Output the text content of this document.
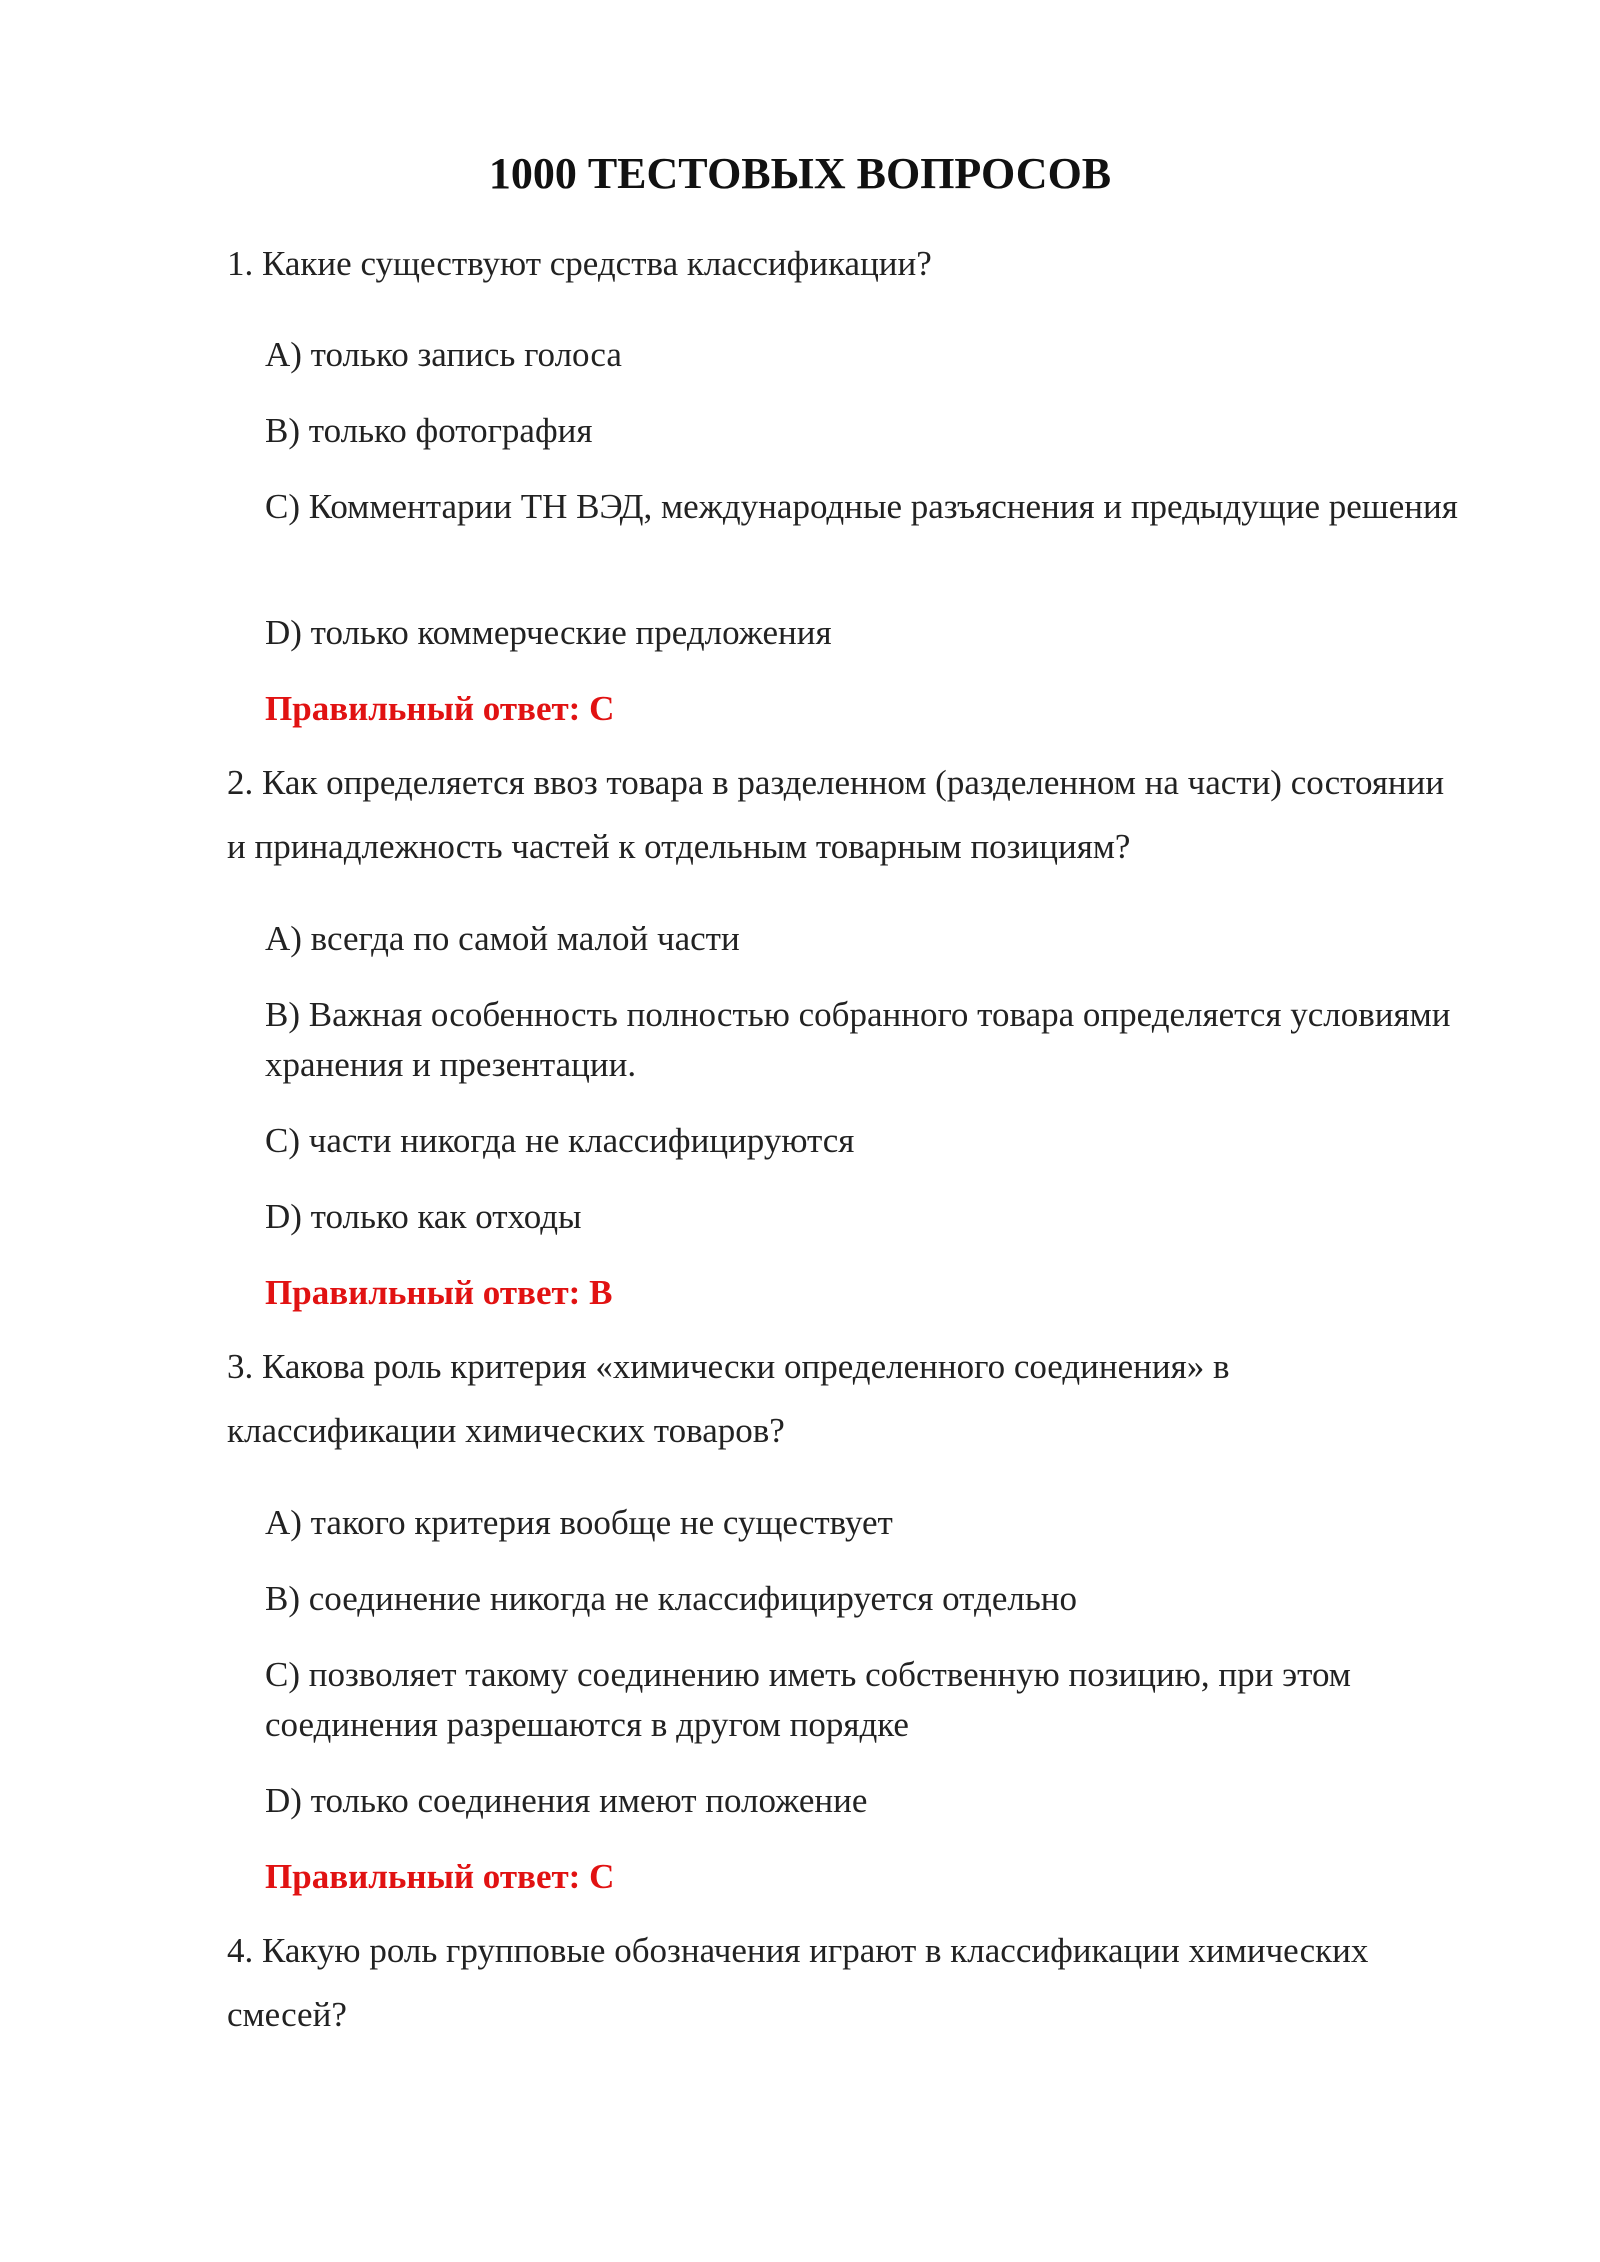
1000 ТЕСТОВЫХ ВОПРОСОВ

1. Какие существуют средства классификации?

A) только запись голоса

B) только фотография

C) Комментарии ТН ВЭД, международные разъяснения и предыдущие решения

D) только коммерческие предложения

Правильный ответ: C

2. Как определяется ввоз товара в разделенном (разделенном на части) состоянии и принадлежность частей к отдельным товарным позициям?

A) всегда по самой малой части

B) Важная особенность полностью собранного товара определяется условиями хранения и презентации.

C) части никогда не классифицируются

D) только как отходы

Правильный ответ: B

3. Какова роль критерия «химически определенного соединения» в классификации химических товаров?

A) такого критерия вообще не существует

B) соединение никогда не классифицируется отдельно

C) позволяет такому соединению иметь собственную позицию, при этом соединения разрешаются в другом порядке

D) только соединения имеют положение

Правильный ответ: C

4. Какую роль групповые обозначения играют в классификации химических смесей?
